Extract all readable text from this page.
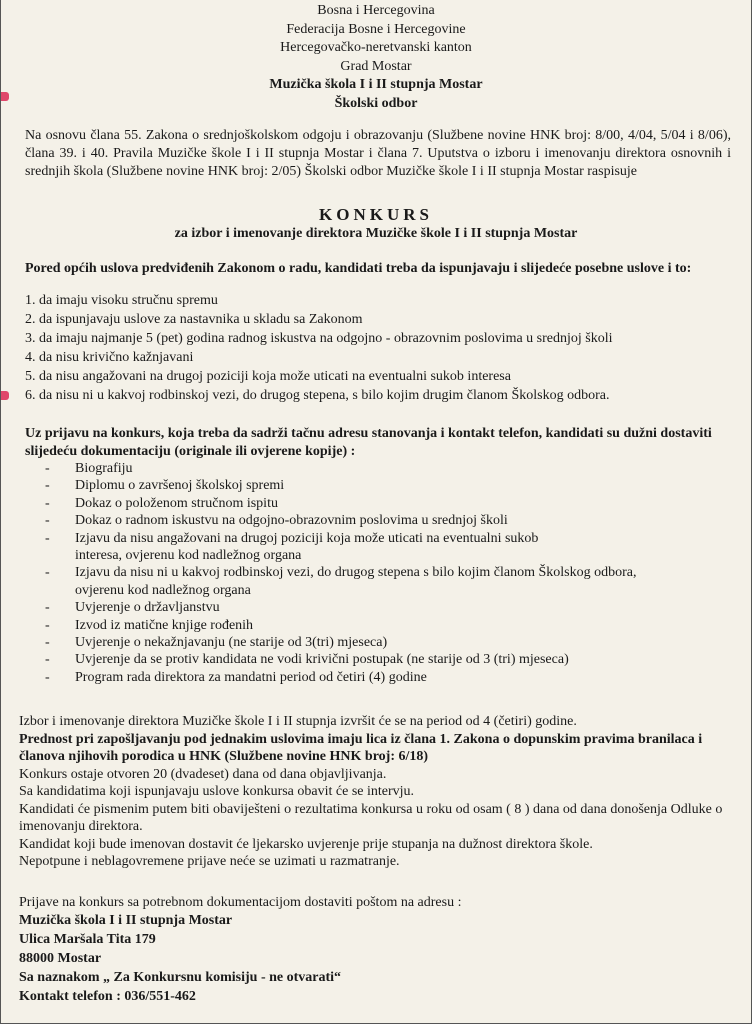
Bosna i Hercegovina
Federacija Bosne i Hercegovine
Hercegovačko-neretvanski kanton
Grad Mostar
Muzička škola I i II stupnja Mostar
Školski odbor
Na osnovu člana 55. Zakona o srednjoškolskom odgoju i obrazovanju (Službene novine HNK broj: 8/00, 4/04, 5/04 i 8/06), člana 39. i 40. Pravila Muzičke škole I i II stupnja Mostar i člana 7. Uputstva o izboru i imenovanju direktora osnovnih i srednjih škola (Službene novine HNK broj: 2/05) Školski odbor Muzičke škole I i II stupnja Mostar raspisuje
KONKURS
za izbor i imenovanje direktora Muzičke škole I i II stupnja Mostar
Pored općih uslova predviđenih Zakonom o radu, kandidati treba da ispunjavaju i slijedeće posebne uslove i to:
1. da imaju visoku stručnu spremu
2. da ispunjavaju uslove za nastavnika u skladu sa Zakonom
3. da imaju najmanje 5 (pet) godina radnog iskustva na odgojno - obrazovnim poslovima u srednjoj školi
4. da nisu krivično kažnjavani
5. da nisu angažovani na drugoj poziciji koja može uticati na eventualni sukob interesa
6. da nisu ni u kakvoj rodbinskoj vezi, do drugog stepena, s bilo kojim drugim članom Školskog odbora.
Uz prijavu na konkurs, koja treba da sadrži tačnu adresu stanovanja i kontakt telefon, kandidati su dužni dostaviti slijedeću dokumentaciju (originale ili ovjerene kopije) :
- Biografiju
- Diplomu o završenoj školskoj spremi
- Dokaz o položenom stručnom ispitu
- Dokaz o radnom iskustvu na odgojno-obrazovnim poslovima u srednjoj školi
- Izjavu da nisu angažovani na drugoj poziciji koja može uticati na eventualni sukob
interesa, ovjerenu kod nadležnog organa
- Izjavu da nisu ni u kakvoj rodbinskoj vezi, do drugog stepena s bilo kojim članom Školskog odbora,
ovjerenu kod nadležnog organa
- Uvjerenje o državljanstvu
- Izvod iz matične knjige rođenih
- Uvjerenje o nekažnjavanju (ne starije od 3(tri) mjeseca)
- Uvjerenje da se protiv kandidata ne vodi krivični postupak (ne starije od 3 (tri) mjeseca)
- Program rada direktora za mandatni period od četiri (4) godine
Izbor i imenovanje direktora Muzičke škole I i II stupnja izvršit će se na period od 4 (četiri) godine.
Prednost pri zapošljavanju pod jednakim uslovima imaju lica iz člana 1. Zakona o dopunskim pravima branilaca i članova njihovih porodica u HNK (Službene novine HNK broj: 6/18)
Konkurs ostaje otvoren 20 (dvadeset) dana od dana objavljivanja.
Sa kandidatima koji ispunjavaju uslove konkursa obavit će se intervju.
Kandidati će pismenim putem biti obaviješteni o rezultatima konkursa u roku od osam ( 8 ) dana od dana donošenja Odluke o imenovanju direktora.
Kandidat koji bude imenovan dostavit će ljekarsko uvjerenje prije stupanja na dužnost direktora škole.
Nepotpune i neblagovremene prijave neće se uzimati u razmatranje.
Prijave na konkurs sa potrebnom dokumentacijom dostaviti poštom na adresu :
Muzička škola I i II stupnja Mostar
Ulica Maršala Tita 179
88000 Mostar
Sa naznakom „ Za Konkursnu komisiju - ne otvarati“
Kontakt telefon : 036/551-462
